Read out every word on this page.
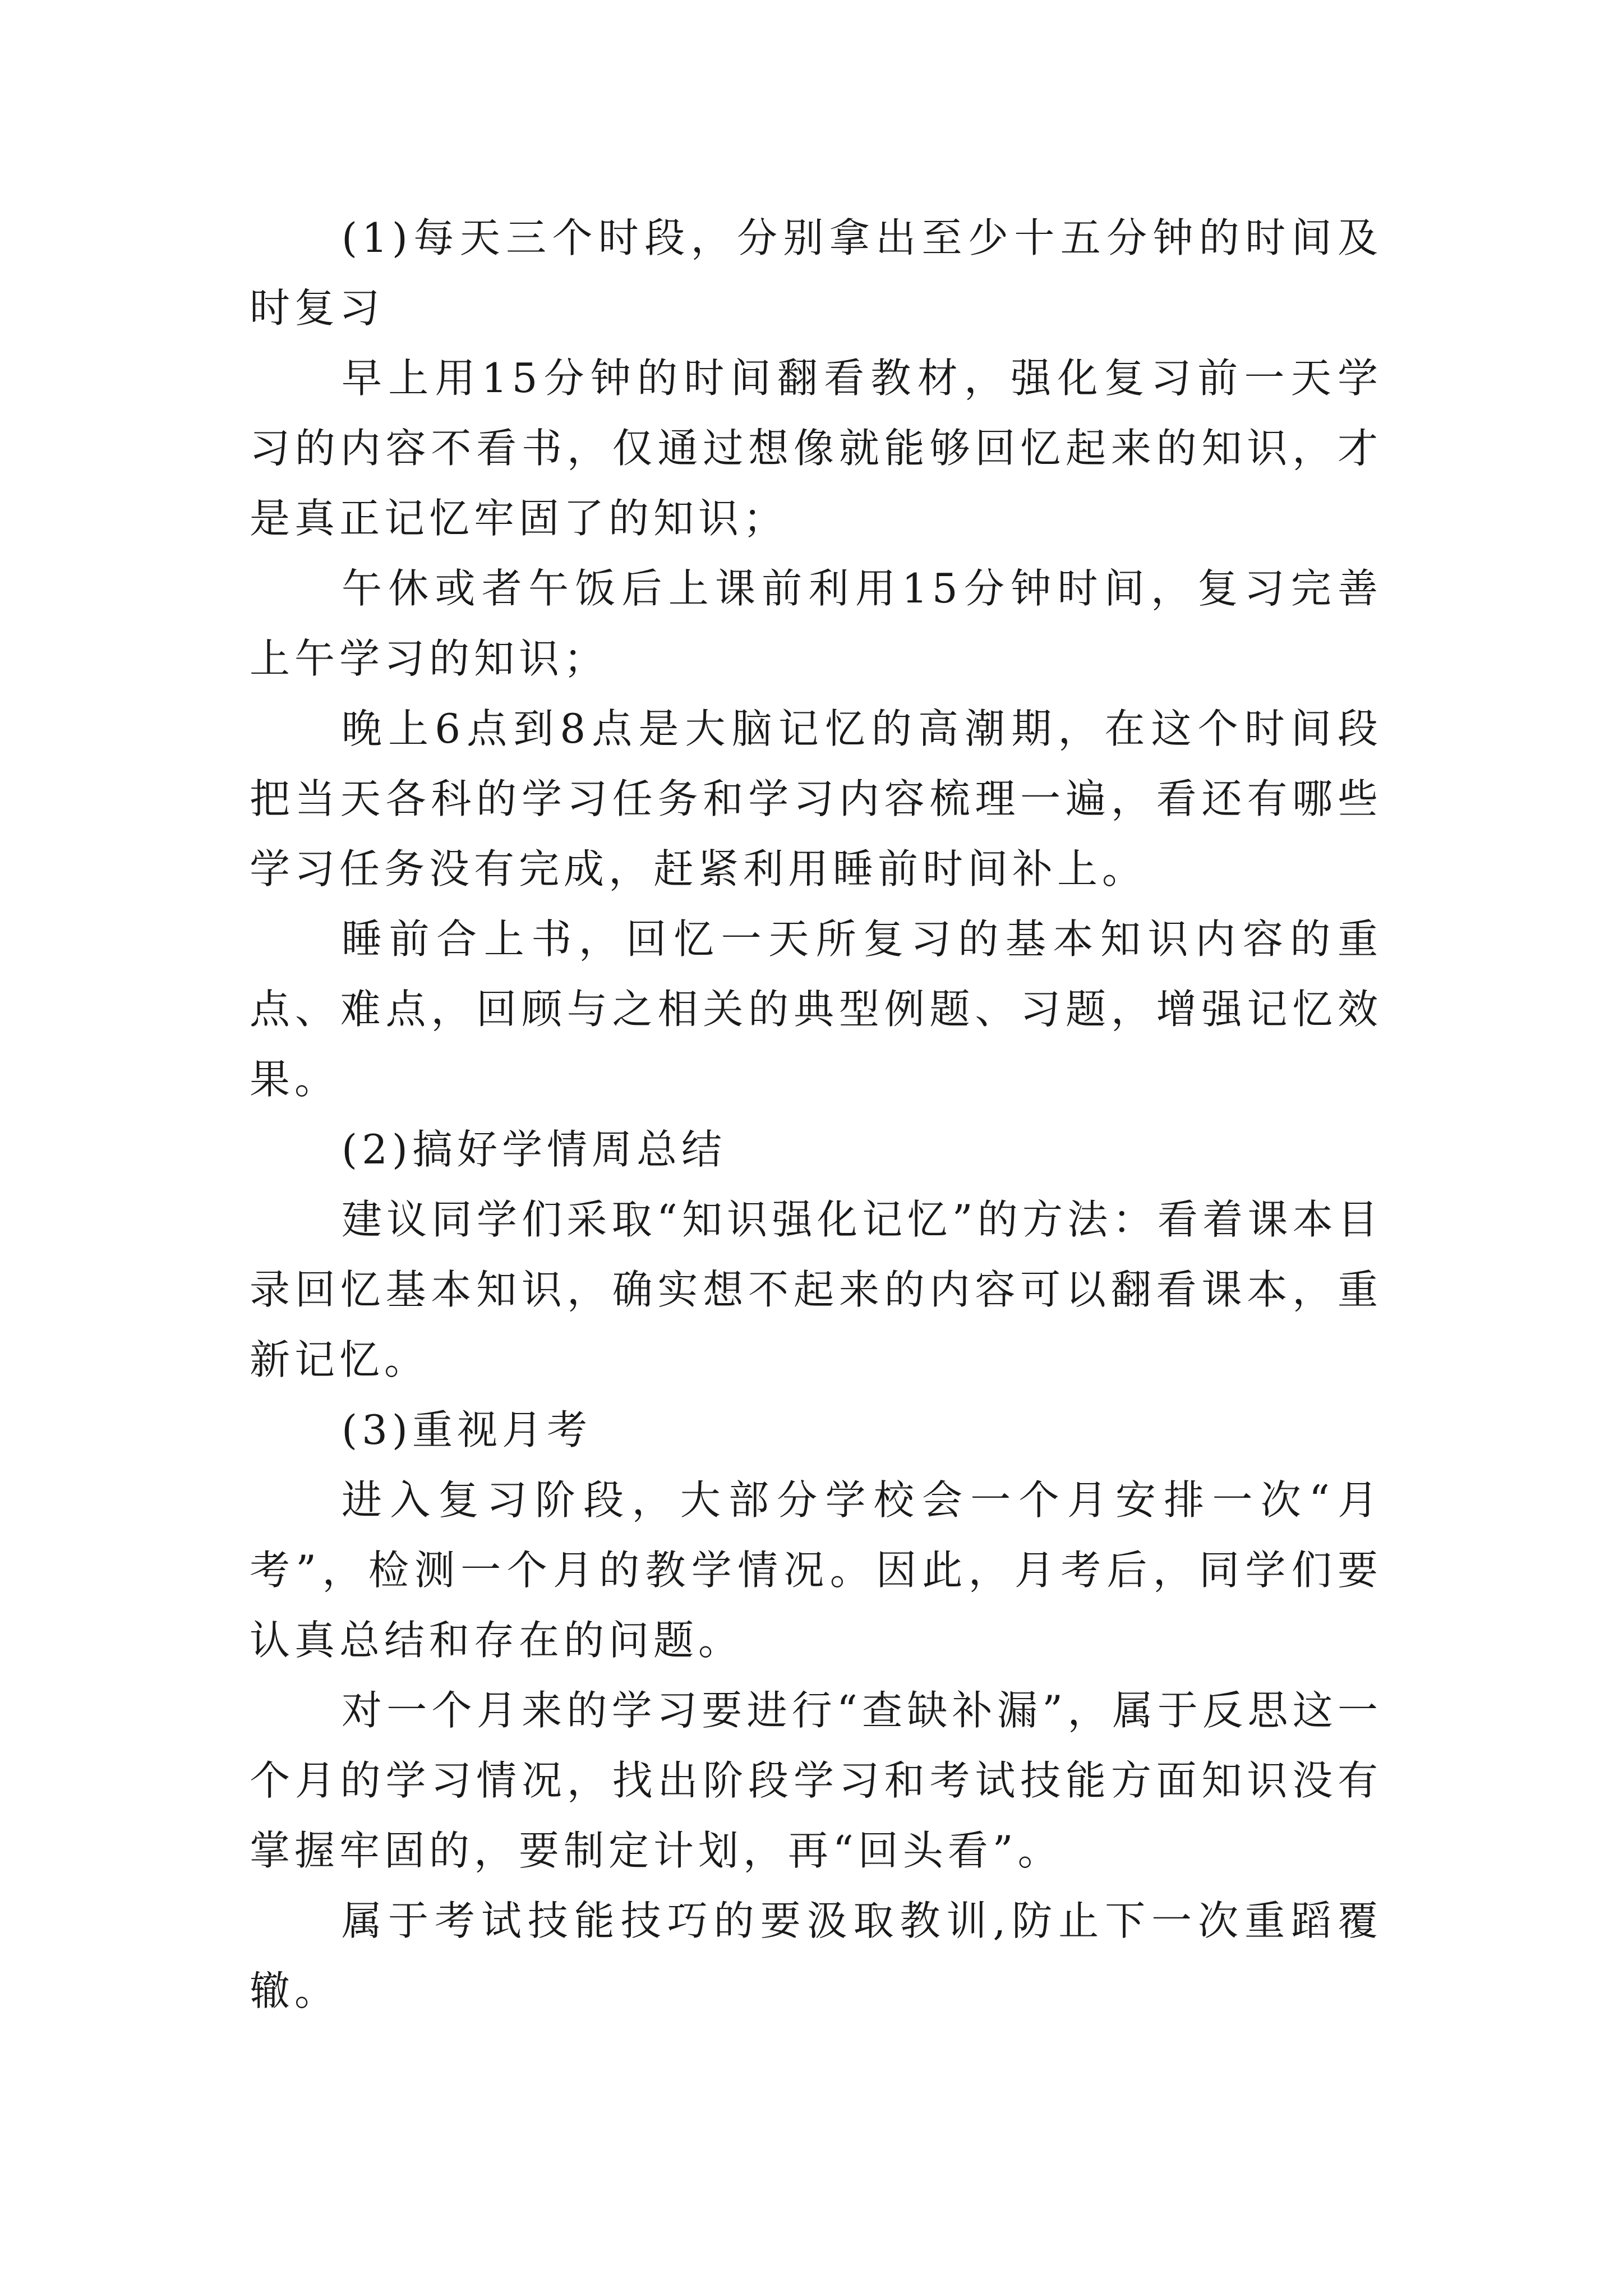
(1)每天三个时段，分别拿出至少十五分钟的时间及时复习

早上用15分钟的时间翻看教材，强化复习前一天学习的内容不看书，仅通过想像就能够回忆起来的知识，才是真正记忆牢固了的知识；

午休或者午饭后上课前利用15分钟时间，复习完善上午学习的知识；

晚上6点到8点是大脑记忆的高潮期，在这个时间段把当天各科的学习任务和学习内容梳理一遍，看还有哪些学习任务没有完成，赶紧利用睡前时间补上。

睡前合上书，回忆一天所复习的基本知识内容的重点、难点，回顾与之相关的典型例题、习题，增强记忆效果。

(2)搞好学情周总结

建议同学们采取“知识强化记忆”的方法：看着课本目录回忆基本知识，确实想不起来的内容可以翻看课本，重新记忆。

(3)重视月考

进入复习阶段，大部分学校会一个月安排一次“月考”，检测一个月的教学情况。因此，月考后，同学们要认真总结和存在的问题。

对一个月来的学习要进行“查缺补漏”，属于反思这一个月的学习情况，找出阶段学习和考试技能方面知识没有掌握牢固的，要制定计划，再“回头看”。

属于考试技能技巧的要汲取教训,防止下一次重蹈覆辙。
